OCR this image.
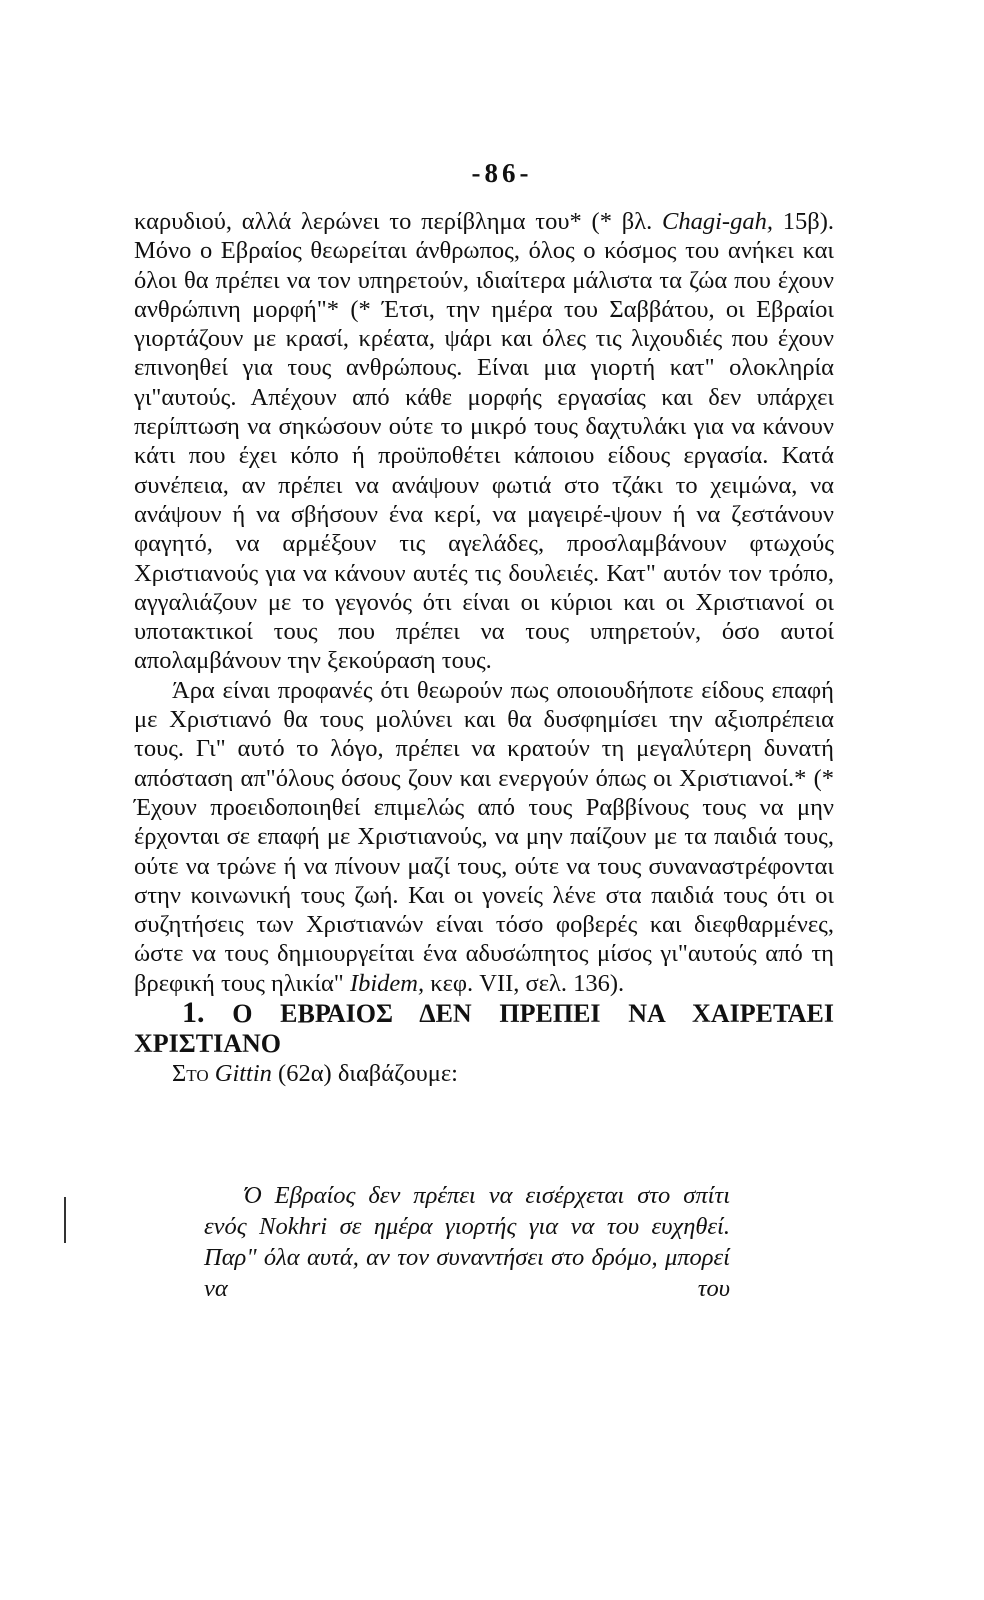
-86-

καρυδιού, αλλά λερώνει το περίβλημα του* (* βλ. Chagi-gah, 15β). Μόνο ο Εβραίος θεωρείται άνθρωπος, όλος ο κόσμος του ανήκει και όλοι θα πρέπει να τον υπηρετούν, ιδιαίτερα μάλιστα τα ζώα που έχουν ανθρώπινη μορφή"* (* Έτσι, την ημέρα του Σαββάτου, οι Εβραίοι γιορτάζουν με κρασί, κρέατα, ψάρι και όλες τις λιχουδιές που έχουν επινοηθεί για τους ανθρώπους. Είναι μια γιορτή κατ" ολοκληρία γι"αυτούς. Απέχουν από κάθε μορφής εργασίας και δεν υπάρχει περίπτωση να σηκώσουν ούτε το μικρό τους δαχτυλάκι για να κάνουν κάτι που έχει κόπο ή προϋποθέτει κάποιου είδους εργασία. Κατά συνέπεια, αν πρέπει να ανάψουν φωτιά στο τζάκι το χειμώνα, να ανάψουν ή να σβήσουν ένα κερί, να μαγειρέ-ψουν ή να ζεστάνουν φαγητό, να αρμέξουν τις αγελάδες, προσλαμβάνουν φτωχούς Χριστιανούς για να κάνουν αυτές τις δουλειές. Κατ" αυτόν τον τρόπο, αγγαλιάζουν με το γεγονός ότι είναι οι κύριοι και οι Χριστιανοί οι υποτακτικοί τους που πρέπει να τους υπηρετούν, όσο αυτοί απολαμβάνουν την ξεκούραση τους.

Άρα είναι προφανές ότι θεωρούν πως οποιουδήποτε είδους επαφή με Χριστιανό θα τους μολύνει και θα δυσφημίσει την αξιοπρέπεια τους. Γι" αυτό το λόγο, πρέπει να κρατούν τη μεγαλύτερη δυνατή απόσταση απ"όλους όσους ζουν και ενεργούν όπως οι Χριστιανοί.* (* Έχουν προειδοποιηθεί επιμελώς από τους Ραββίνους τους να μην έρχονται σε επαφή με Χριστιανούς, να μην παίζουν με τα παιδιά τους, ούτε να τρώνε ή να πίνουν μαζί τους, ούτε να τους συναναστρέφονται στην κοινωνική τους ζωή. Και οι γονείς λένε στα παιδιά τους ότι οι συζητήσεις των Χριστιανών είναι τόσο φοβερές και διεφθαρμένες, ώστε να τους δημιουργείται ένα αδυσώπητος μίσος γι"αυτούς από τη βρεφική τους ηλικία" Ibidem, κεφ. VII, σελ. 136).

1. Ο ΕΒΡΑΙΟΣ ΔΕΝ ΠΡΕΠΕΙ ΝΑ ΧΑΙΡΕΤΑΕΙ ΧΡΙΣΤΙΑΝΟ

Στο Gittin (62α) διαβάζουμε:

Ό Εβραίος δεν πρέπει να εισέρχεται στο σπίτι ενός Nokhri σε ημέρα γιορτής για να του ευχηθεί. Παρ" όλα αυτά, αν τον συναντήσει στο δρόμο, μπορεί να του
